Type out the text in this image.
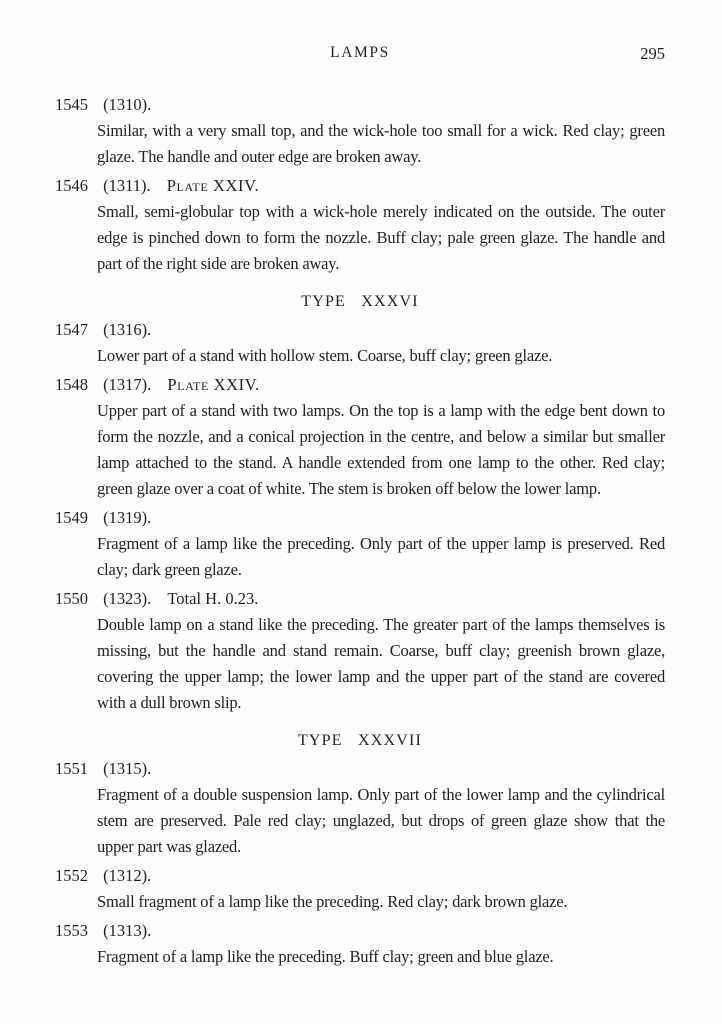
LAMPS	295
1545 (1310).

Similar, with a very small top, and the wick-hole too small for a wick. Red clay; green glaze. The handle and outer edge are broken away.

1546 (1311). Plate XXIV.

Small, semi-globular top with a wick-hole merely indicated on the outside. The outer edge is pinched down to form the nozzle. Buff clay; pale green glaze. The handle and part of the right side are broken away.

TYPE XXXVI
1547 (1316).

Lower part of a stand with hollow stem. Coarse, buff clay; green glaze.

1548 (1317). Plate XXIV.

Upper part of a stand with two lamps. On the top is a lamp with the edge bent down to form the nozzle, and a conical projection in the centre, and below a similar but smaller lamp attached to the stand. A handle extended from one lamp to the other. Red clay; green glaze over a coat of white. The stem is broken off below the lower lamp.

1549 (1319).

Fragment of a lamp like the preceding. Only part of the upper lamp is preserved. Red clay; dark green glaze.

1550 (1323). Total H. 0.23.

Double lamp on a stand like the preceding. The greater part of the lamps themselves is missing, but the handle and stand remain. Coarse, buff clay; greenish brown glaze, covering the upper lamp; the lower lamp and the upper part of the stand are covered with a dull brown slip.

TYPE XXXVII
1551 (1315).

Fragment of a double suspension lamp. Only part of the lower lamp and the cylindrical stem are preserved. Pale red clay; unglazed, but drops of green glaze show that the upper part was glazed.

1552 (1312).

Small fragment of a lamp like the preceding. Red clay; dark brown glaze.

1553 (1313).

Fragment of a lamp like the preceding. Buff clay; green and blue glaze.
